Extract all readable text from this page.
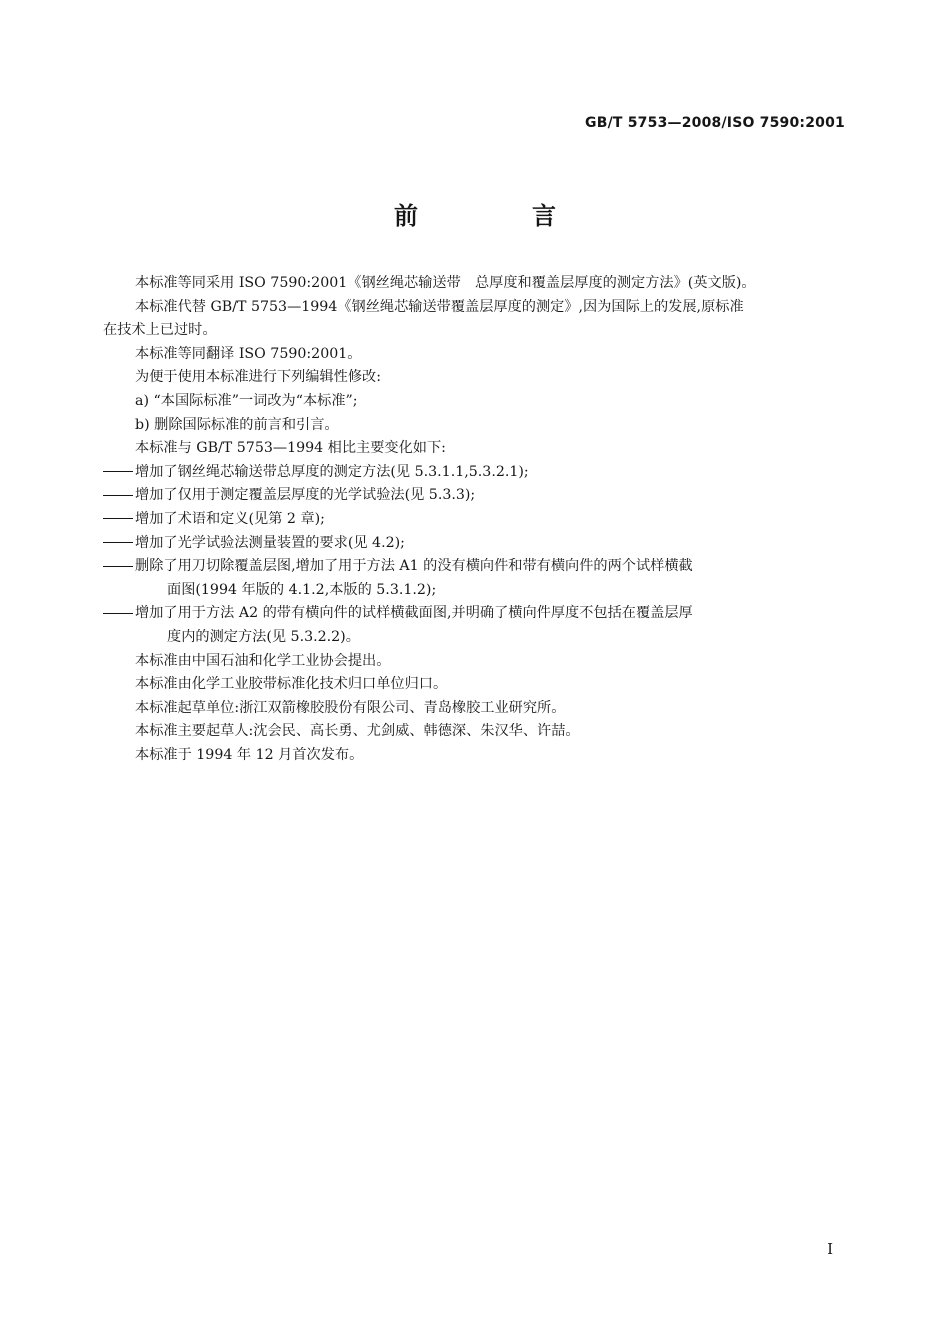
GB/T 5753—2008/ISO 7590:2001
前　言

本标准等同采用 ISO 7590:2001《钢丝绳芯输送带　总厚度和覆盖层厚度的测定方法》(英文版)。

本标准代替 GB/T 5753—1994《钢丝绳芯输送带覆盖层厚度的测定》,因为国际上的发展,原标准

在技术上已过时。

本标准等同翻译 ISO 7590:2001。

为便于使用本标准进行下列编辑性修改:

a) “本国际标准”一词改为“本标准”;

b) 删除国际标准的前言和引言。

本标准与 GB/T 5753—1994 相比主要变化如下:

增加了钢丝绳芯输送带总厚度的测定方法(见 5.3.1.1,5.3.2.1);

增加了仅用于测定覆盖层厚度的光学试验法(见 5.3.3);

增加了术语和定义(见第 2 章);

增加了光学试验法测量装置的要求(见 4.2);

删除了用刀切除覆盖层图,增加了用于方法 A1 的没有横向件和带有横向件的两个试样横截

面图(1994 年版的 4.1.2,本版的 5.3.1.2);

增加了用于方法 A2 的带有横向件的试样横截面图,并明确了横向件厚度不包括在覆盖层厚

度内的测定方法(见 5.3.2.2)。

本标准由中国石油和化学工业协会提出。

本标准由化学工业胶带标准化技术归口单位归口。

本标准起草单位:浙江双箭橡胶股份有限公司、青岛橡胶工业研究所。

本标准主要起草人:沈会民、高长勇、尤剑威、韩德深、朱汉华、许喆。

本标准于 1994 年 12 月首次发布。

I
